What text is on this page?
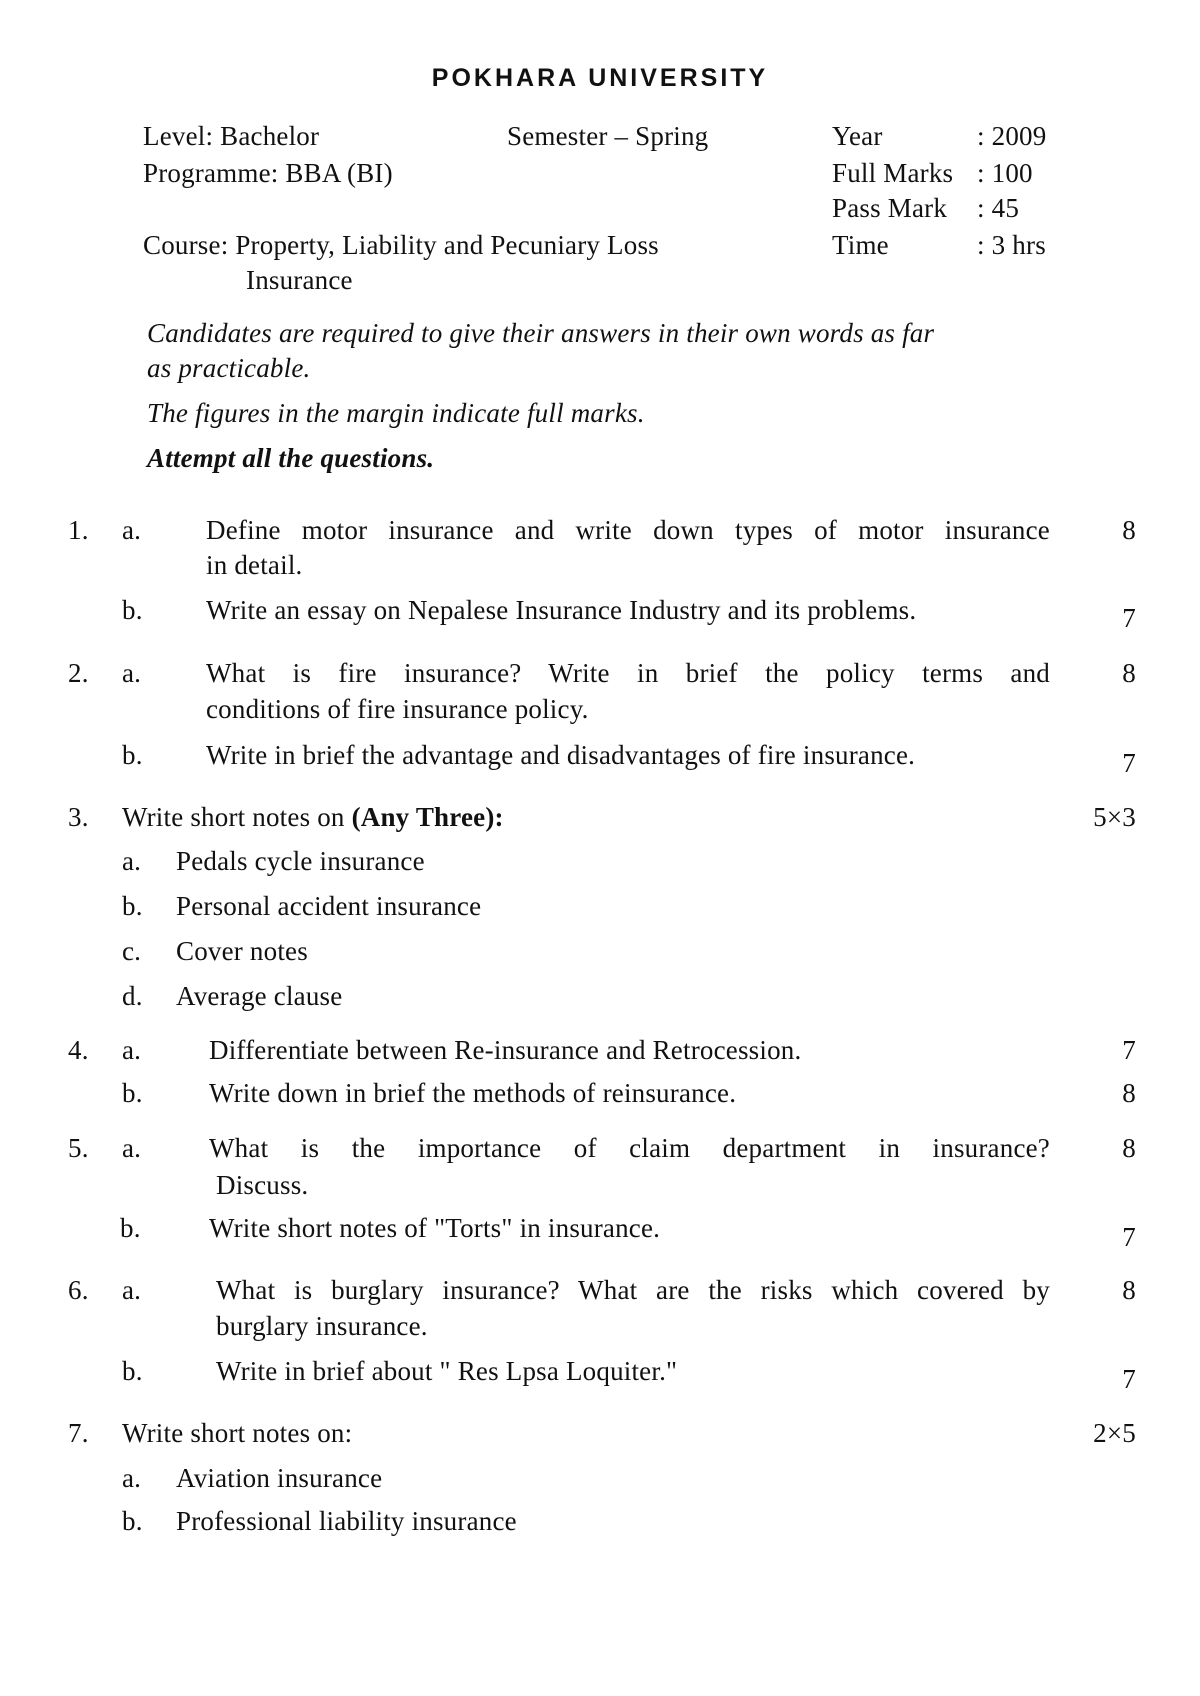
POKHARA UNIVERSITY
Level: Bachelor	Semester – Spring	Year	: 2009
Programme: BBA (BI)	Full Marks : 100
Pass Mark : 45
Course: Property, Liability and Pecuniary Loss	Time	: 3 hrs
Insurance
Candidates are required to give their answers in their own words as far
as practicable.
The figures in the margin indicate full marks.
Attempt all the questions.
1. a. Define motor insurance and write down types of motor insurance
in detail.
8
b. Write an essay on Nepalese Insurance Industry and its problems.	7
2. a. What is fire insurance? Write in brief the policy terms and
conditions of fire insurance policy.
8
b. Write in brief the advantage and disadvantages of fire insurance.	7
3. Write short notes on (Any Three):	5×3
a. Pedals cycle insurance
b. Personal accident insurance
c. Cover notes
d. Average clause
4. a.	Differentiate between Re-insurance and Retrocession.	7
b. Write down in brief the methods of reinsurance.	8
5. a.	What is the importance of claim department in insurance?
Discuss.
8
b.	Write short notes of "Torts" in insurance.	7
6. a.	What is burglary insurance? What are the risks which covered by
burglary insurance.
8
b.	Write in brief about " Res Lpsa Loquiter."	7
7. Write short notes on:	2×5
a. Aviation insurance
b. Professional liability insurance
